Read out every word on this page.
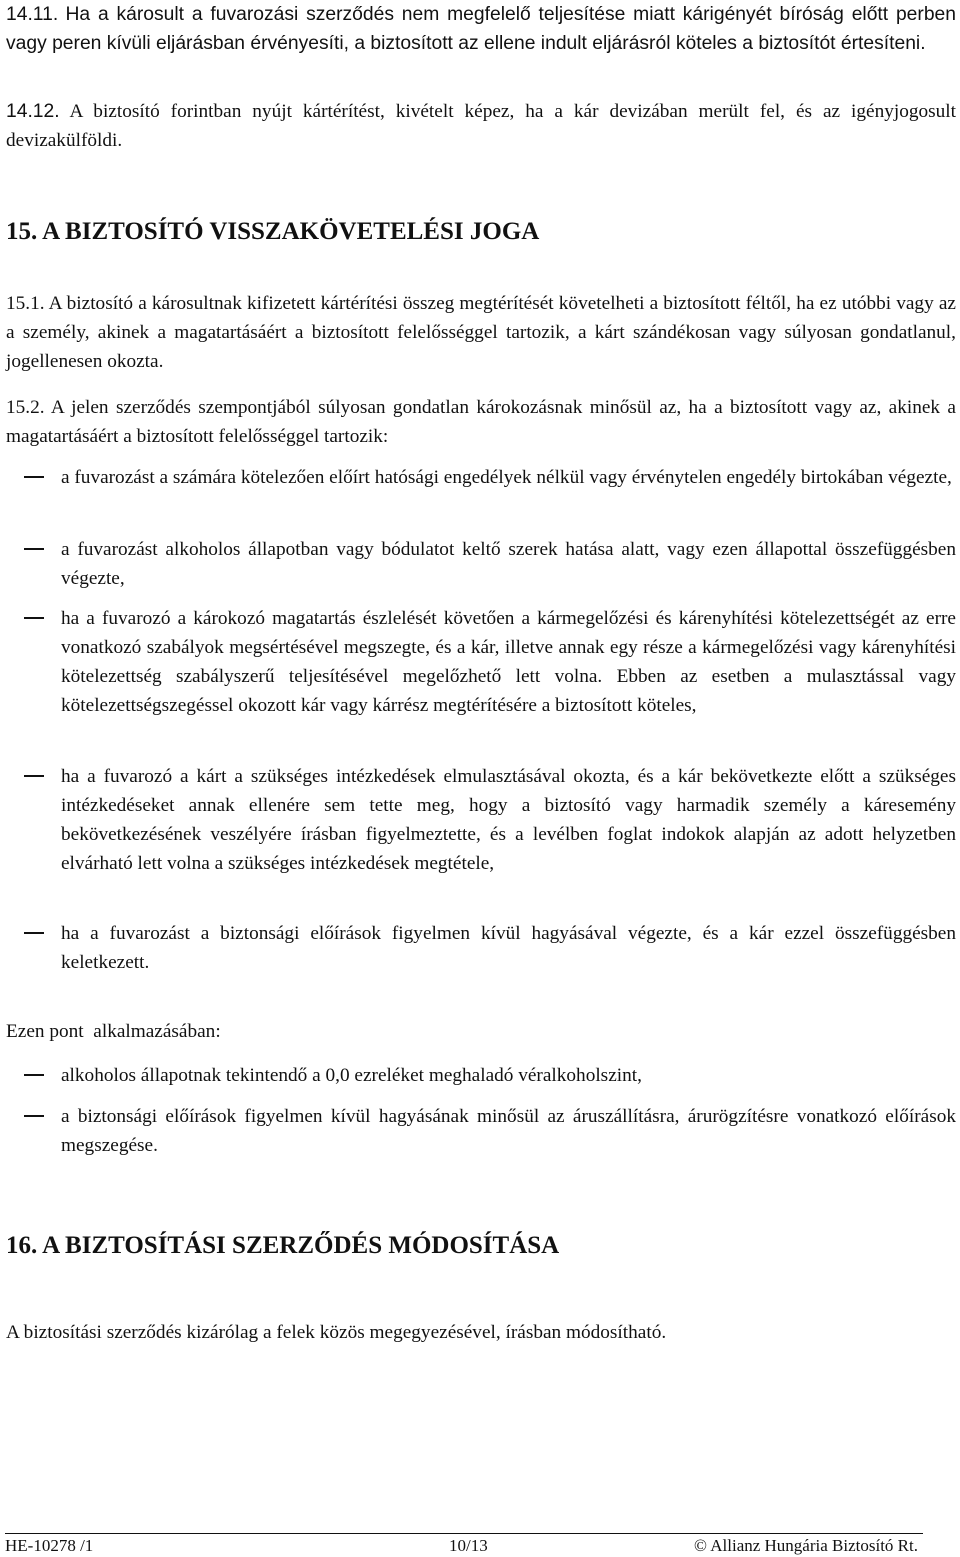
14.11. Ha a károsult a fuvarozási szerződés nem megfelelő teljesítése miatt kárigényét bíróság előtt perben vagy peren kívüli eljárásban érvényesíti, a biztosított az ellene indult eljárásról köteles a biztosítót értesíteni.

14.12. A biztosító forintban nyújt kártérítést, kivételt képez, ha a kár devizában merült fel, és az igényjogosult devizakülföldi.

15. A BIZTOSÍTÓ VISSZAKÖVETELÉSI JOGA

15.1. A biztosító a károsultnak kifizetett kártérítési összeg megtérítését követelheti a biztosított féltől, ha ez utóbbi vagy az a személy, akinek a magatartásáért a biztosított felelősséggel tartozik, a kárt szándékosan vagy súlyosan gondatlanul, jogellenesen okozta.

15.2. A jelen szerződés szempontjából súlyosan gondatlan károkozásnak minősül az, ha a biztosított vagy az, akinek a magatartásáért a biztosított felelősséggel tartozik:

a fuvarozást a számára kötelezően előírt hatósági engedélyek nélkül vagy érvénytelen engedély birtokában végezte,

a fuvarozást alkoholos állapotban vagy bódulatot keltő szerek hatása alatt, vagy ezen állapottal összefüggésben végezte,

ha a fuvarozó a károkozó magatartás észlelését követően a kármegelőzési és kárenyhítési kötelezettségét az erre vonatkozó szabályok megsértésével megszegte, és a kár, illetve annak egy része a kármegelőzési vagy kárenyhítési kötelezettség szabályszerű teljesítésével megelőzhető lett volna. Ebben az esetben a mulasztással vagy kötelezettségszegéssel okozott kár vagy kárrész megtérítésére a biztosított köteles,

ha a fuvarozó a kárt a szükséges intézkedések elmulasztásával okozta, és a kár bekövetkezte előtt a szükséges intézkedéseket annak ellenére sem tette meg, hogy a biztosító vagy harmadik személy a káresemény bekövetkezésének veszélyére írásban figyelmeztette, és a levélben foglat indokok alapján az adott helyzetben elvárható lett volna a szükséges intézkedések megtétele,

ha a fuvarozást a biztonsági előírások figyelmen kívül hagyásával végezte, és a kár ezzel összefüggésben keletkezett.

Ezen pont  alkalmazásában:

alkoholos állapotnak tekintendő a 0,0 ezreléket meghaladó véralkoholszint,

a biztonsági előírások figyelmen kívül hagyásának minősül az áruszállításra, árurögzítésre vonatkozó előírások megszegése.

16. A BIZTOSÍTÁSI SZERZŐDÉS MÓDOSÍTÁSA

A biztosítási szerződés kizárólag a felek közös megegyezésével, írásban módosítható.

HE-10278 /1	10/13	© Allianz Hungária Biztosító Rt.
